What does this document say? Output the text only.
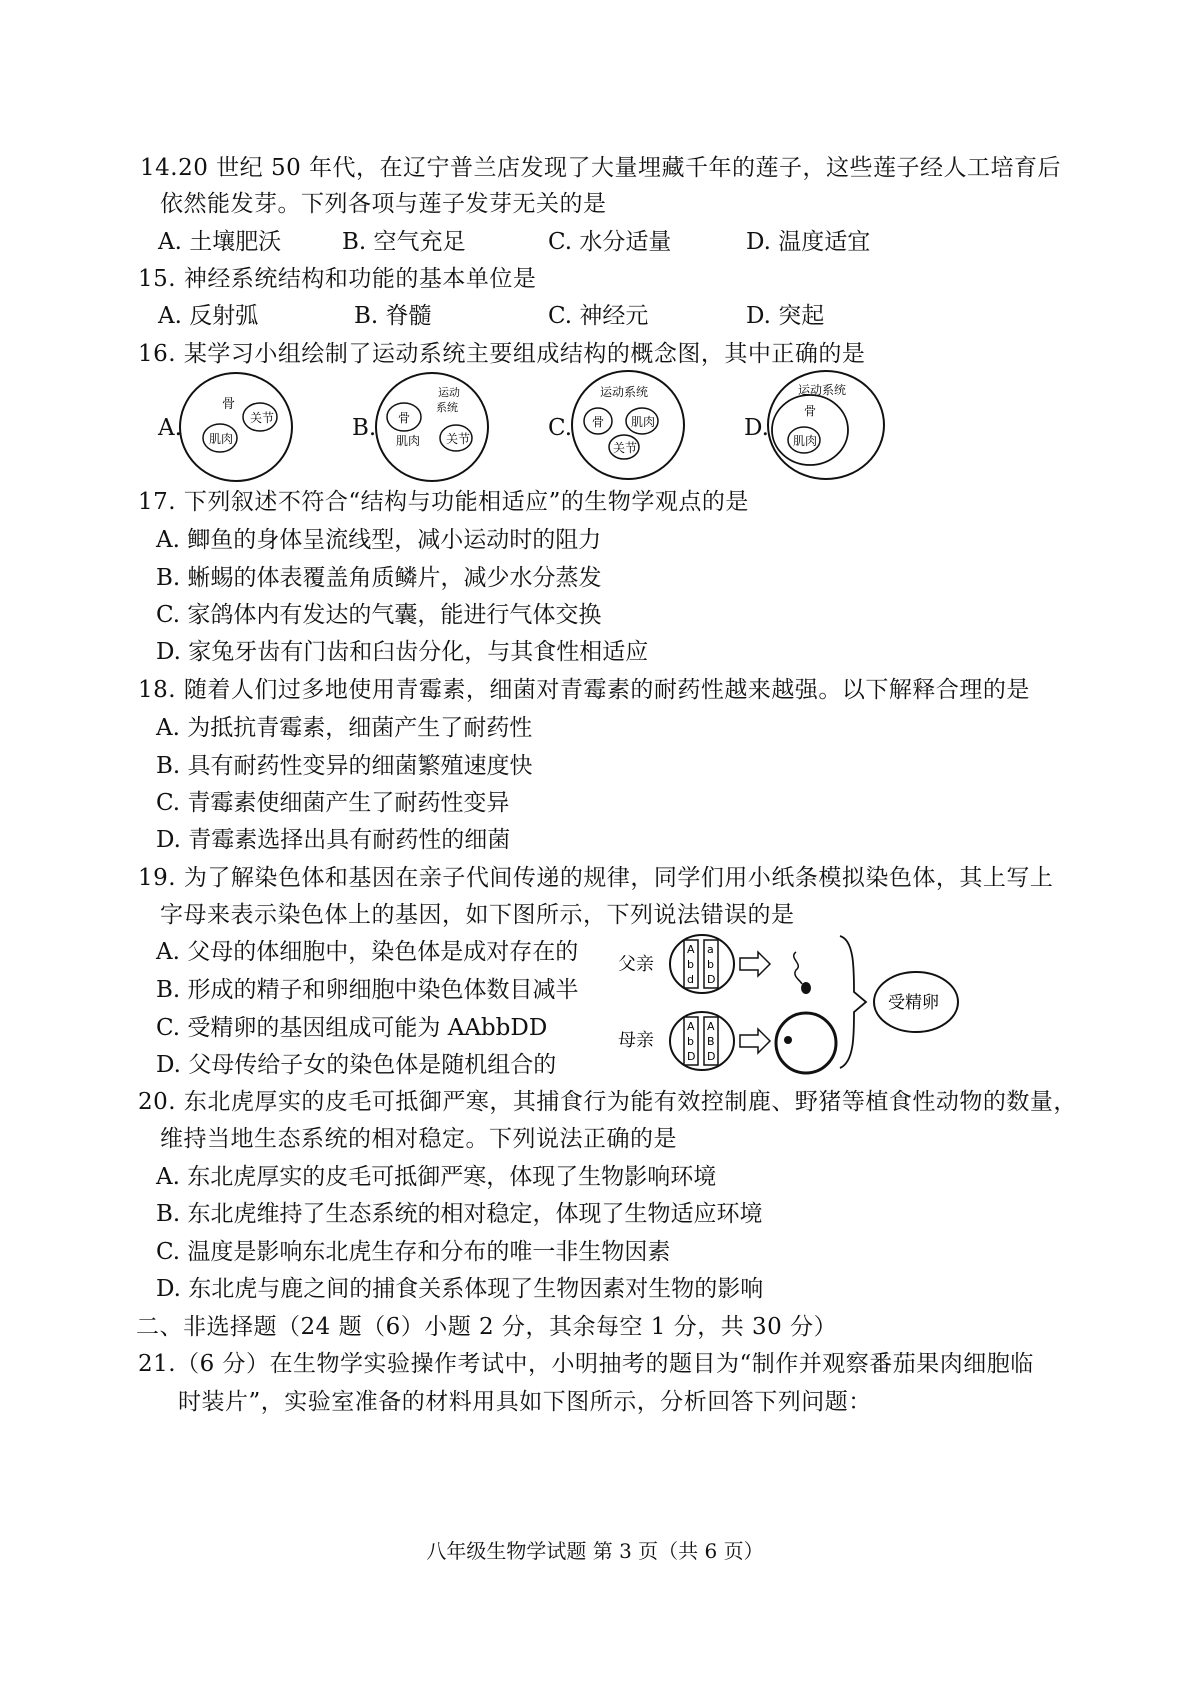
14.20 世纪 50 年代，在辽宁普兰店发现了大量埋藏千年的莲子，这些莲子经人工培育后
依然能发芽。下列各项与莲子发芽无关的是
A. 土壤肥沃	B. 空气充足	C. 水分适量	D. 温度适宜
15. 神经系统结构和功能的基本单位是
A. 反射弧	B. 脊髓	C. 神经元	D. 突起
16. 某学习小组绘制了运动系统主要组成结构的概念图，其中正确的是
A.
骨
关节
肌肉	B.
运动
系统
骨
肌肉 关节	C.
运动系统
骨 肌肉
关节
D.
运动系统
骨
肌肉
17. 下列叙述不符合“结构与功能相适应”的生物学观点的是
A. 鲫鱼的身体呈流线型，减小运动时的阻力
B. 蜥蜴的体表覆盖角质鳞片，减少水分蒸发
C. 家鸽体内有发达的气囊，能进行气体交换
D. 家兔牙齿有门齿和臼齿分化，与其食性相适应
18. 随着人们过多地使用青霉素，细菌对青霉素的耐药性越来越强。以下解释合理的是
A. 为抵抗青霉素，细菌产生了耐药性
B. 具有耐药性变异的细菌繁殖速度快
C. 青霉素使细菌产生了耐药性变异
D. 青霉素选择出具有耐药性的细菌
19. 为了解染色体和基因在亲子代间传递的规律，同学们用小纸条模拟染色体，其上写上
字母来表示染色体上的基因，如下图所示，下列说法错误的是
A. 父母的体细胞中，染色体是成对存在的
B. 形成的精子和卵细胞中染色体数目减半
C. 受精卵的基因组成可能为 AAbbDD
D. 父母传给子女的染色体是随机组合的
父亲
A
b
d
a
b
D
母亲
A
b
D
A
B
D
受精卵
20. 东北虎厚实的皮毛可抵御严寒，其捕食行为能有效控制鹿、野猪等植食性动物的数量，
维持当地生态系统的相对稳定。下列说法正确的是
A. 东北虎厚实的皮毛可抵御严寒，体现了生物影响环境
B. 东北虎维持了生态系统的相对稳定，体现了生物适应环境
C. 温度是影响东北虎生存和分布的唯一非生物因素
D. 东北虎与鹿之间的捕食关系体现了生物因素对生物的影响
二、非选择题（24 题（6）小题 2 分，其余每空 1 分，共 30 分）
21.（6 分）在生物学实验操作考试中，小明抽考的题目为“制作并观察番茄果肉细胞临
时装片”，实验室准备的材料用具如下图所示，分析回答下列问题：
八年级生物学试题 第 3 页（共 6 页）
